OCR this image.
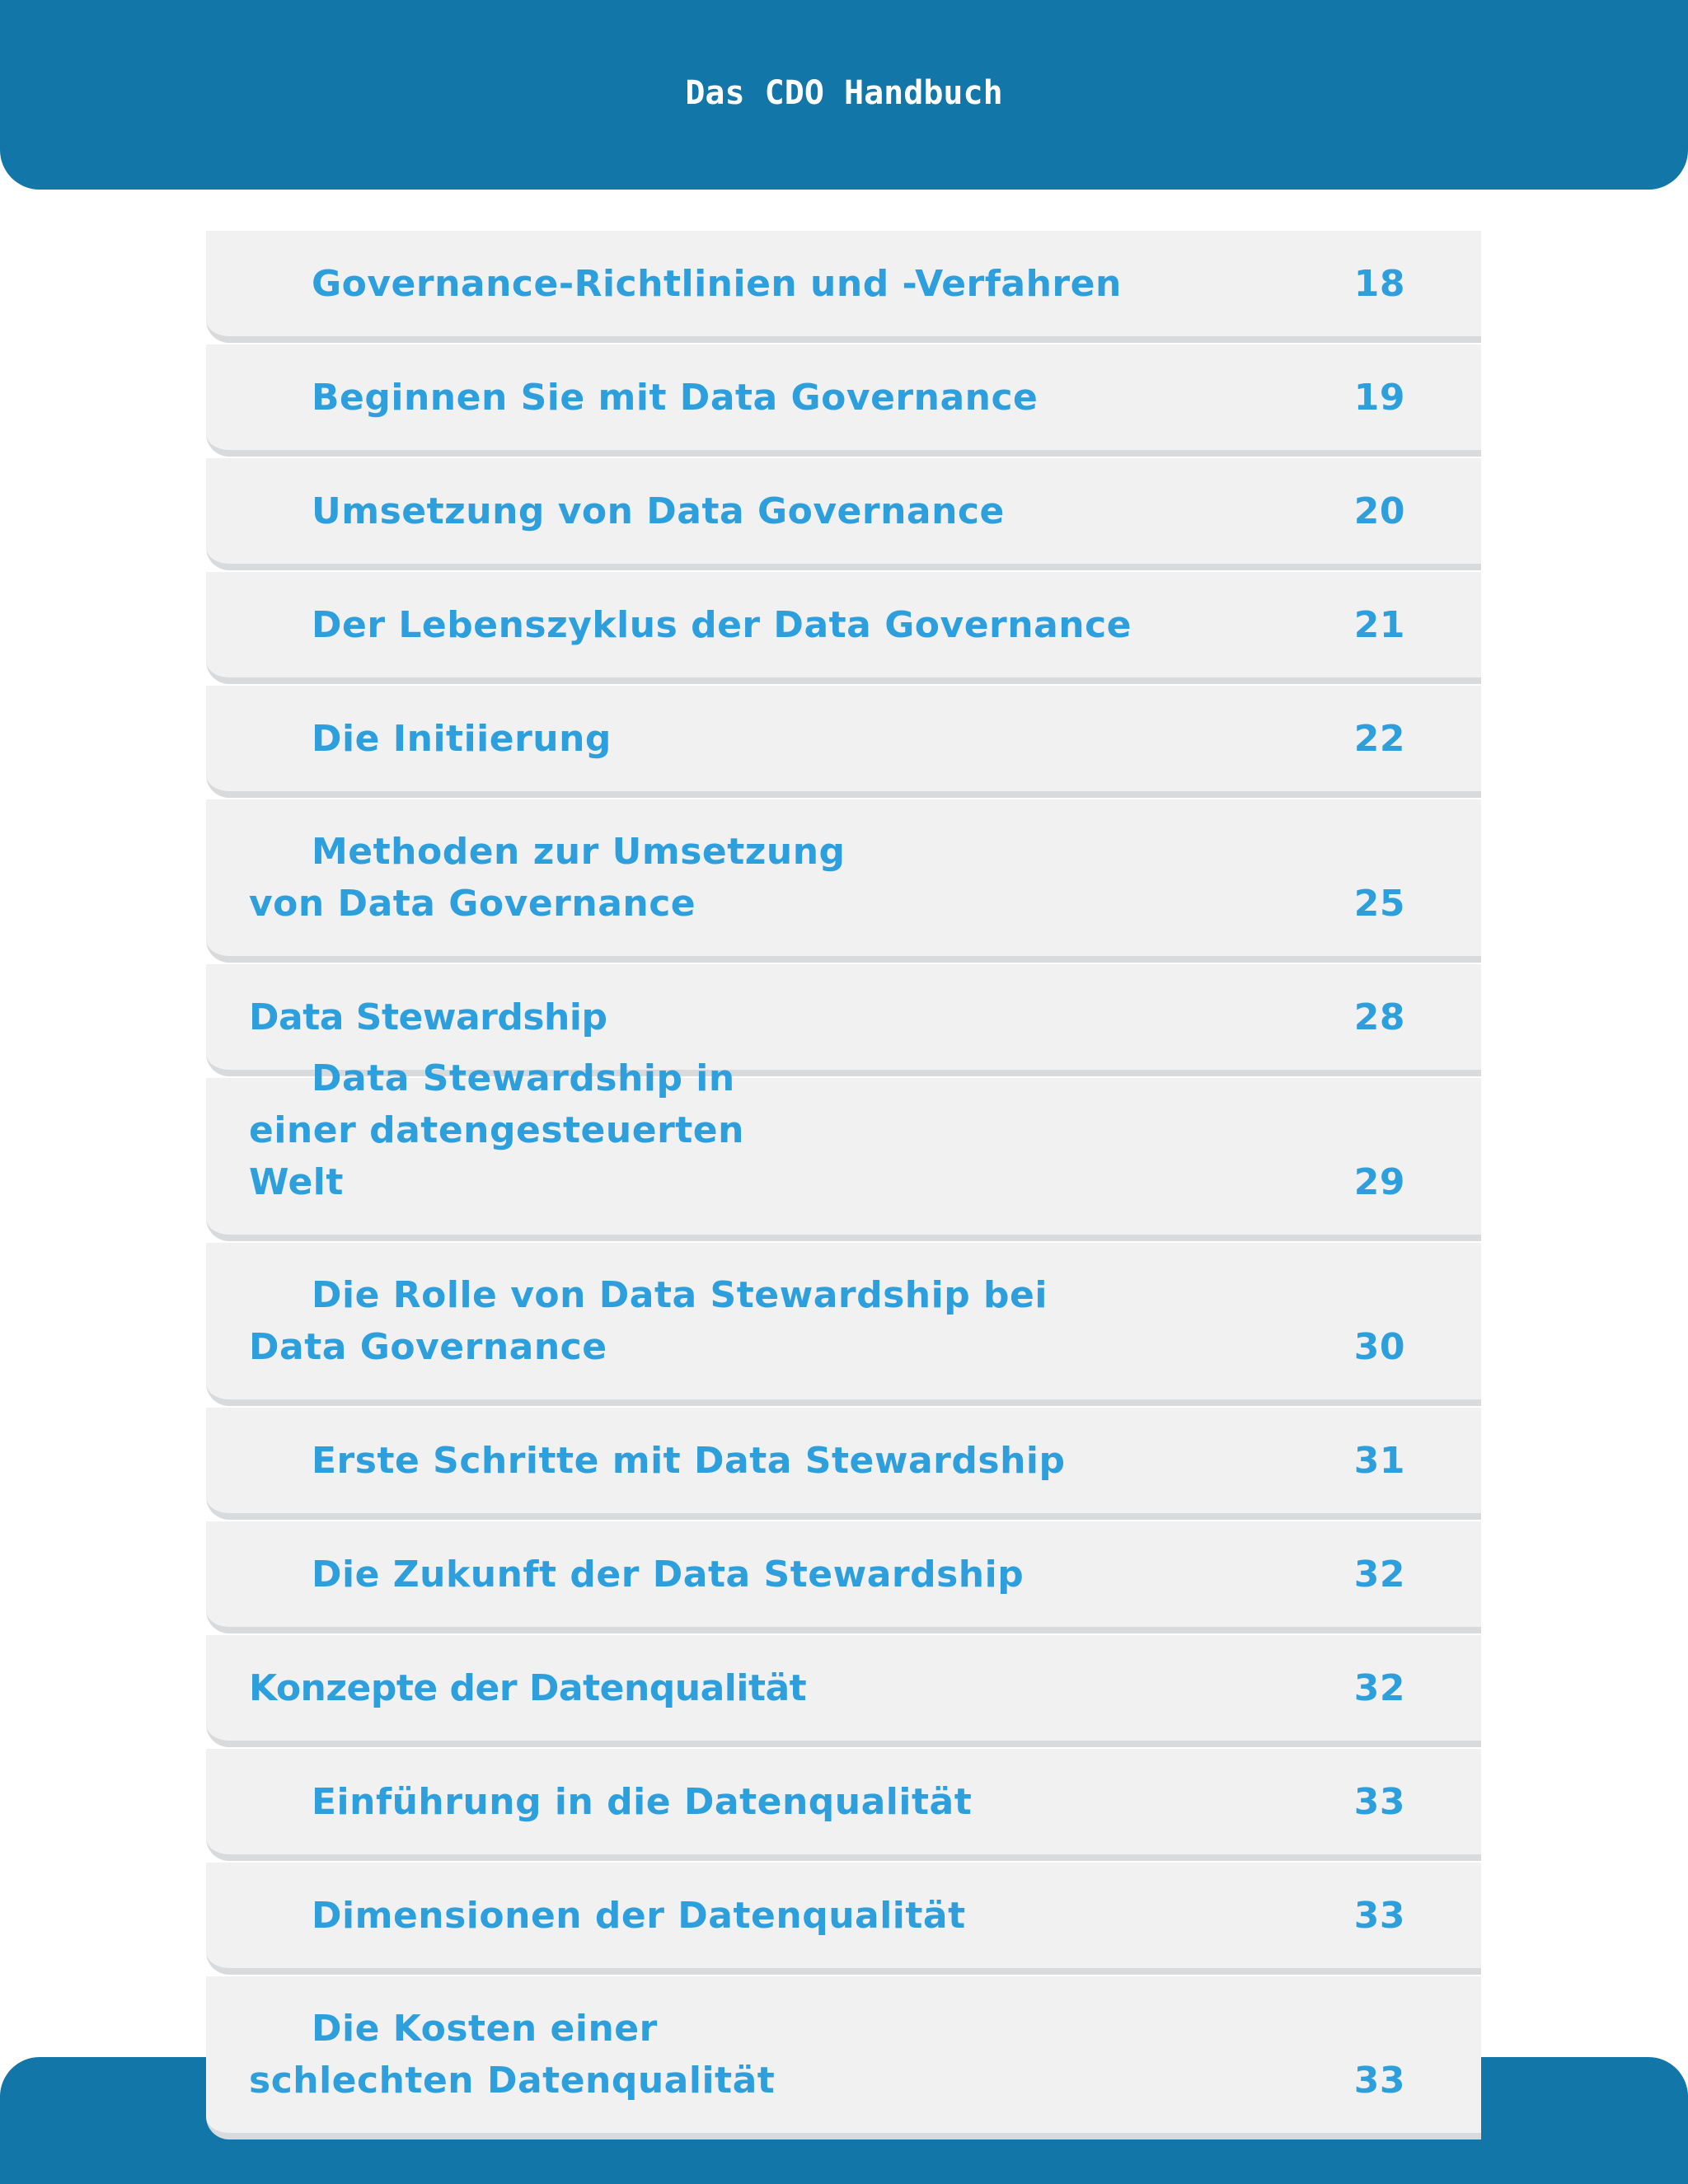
Das CDO Handbuch
Governance-Richtlinien und -Verfahren	18
Beginnen Sie mit Data Governance	19
Umsetzung von Data Governance	20
Der Lebenszyklus der Data Governance	21
Die Initiierung	22
Methoden zur Umsetzung von Data Governance	25
Data Stewardship	28
Data Stewardship in einer datengesteuerten Welt	29
Die Rolle von Data Stewardship bei Data Governance	30
Erste Schritte mit Data Stewardship	31
Die Zukunft der Data Stewardship	32
Konzepte der Datenqualität	32
Einführung in die Datenqualität	33
Dimensionen der Datenqualität	33
Die Kosten einer schlechten Datenqualität	33
